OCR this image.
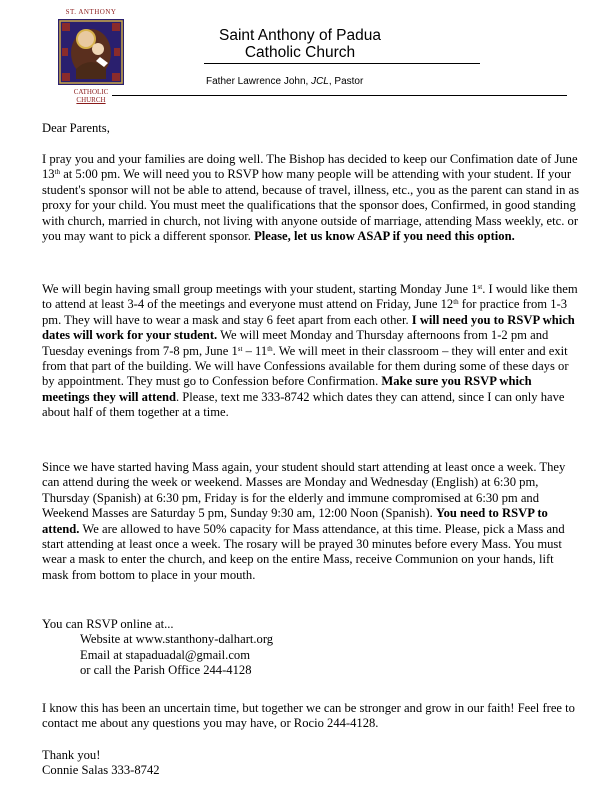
ST. ANTHONY
CATHOLIC
CHURCH
Saint Anthony of Padua
Catholic Church
Father Lawrence John, JCL, Pastor
Dear Parents,

I pray you and your families are doing well. The Bishop has decided to keep our Confimation date of June 13th at 5:00 pm. We will need you to RSVP how many people will be attending with your student. If your student's sponsor will not be able to attend, because of travel, illness, etc., you as the parent can stand in as proxy for your child. You must meet the qualifications that the sponsor does, Confirmed, in good standing with church, married in church, not living with anyone outside of marriage, attending Mass weekly, etc. or you may want to pick a different sponsor. Please, let us know ASAP if you need this option.

We will begin having small group meetings with your student, starting Monday June 1st. I would like them to attend at least 3-4 of the meetings and everyone must attend on Friday, June 12th for practice from 1-3 pm. They will have to wear a mask and stay 6 feet apart from each other. I will need you to RSVP which dates will work for your student. We will meet Monday and Thursday afternoons from 1-2 pm and Tuesday evenings from 7-8 pm, June 1st – 11th. We will meet in their classroom – they will enter and exit from that part of the building. We will have Confessions available for them during some of these days or by appointment. They must go to Confession before Confirmation. Make sure you RSVP which meetings they will attend. Please, text me 333-8742 which dates they can attend, since I can only have about half of them together at a time.

Since we have started having Mass again, your student should start attending at least once a week. They can attend during the week or weekend. Masses are Monday and Wednesday (English) at 6:30 pm, Thursday (Spanish) at 6:30 pm, Friday is for the elderly and immune compromised at 6:30 pm and Weekend Masses are Saturday 5 pm, Sunday 9:30 am, 12:00 Noon (Spanish). You need to RSVP to attend. We are allowed to have 50% capacity for Mass attendance, at this time. Please, pick a Mass and start attending at least once a week. The rosary will be prayed 30 minutes before every Mass. You must wear a mask to enter the church, and keep on the entire Mass, receive Communion on your hands, lift mask from bottom to place in your mouth.

You can RSVP online at...
Website at www.stanthony-dalhart.org
Email at stapaduadal@gmail.com
or call the Parish Office 244-4128
I know this has been an uncertain time, but together we can be stronger and grow in our faith! Feel free to contact me about any questions you may have, or Rocio 244-4128.
Thank you!
Connie Salas 333-8742
